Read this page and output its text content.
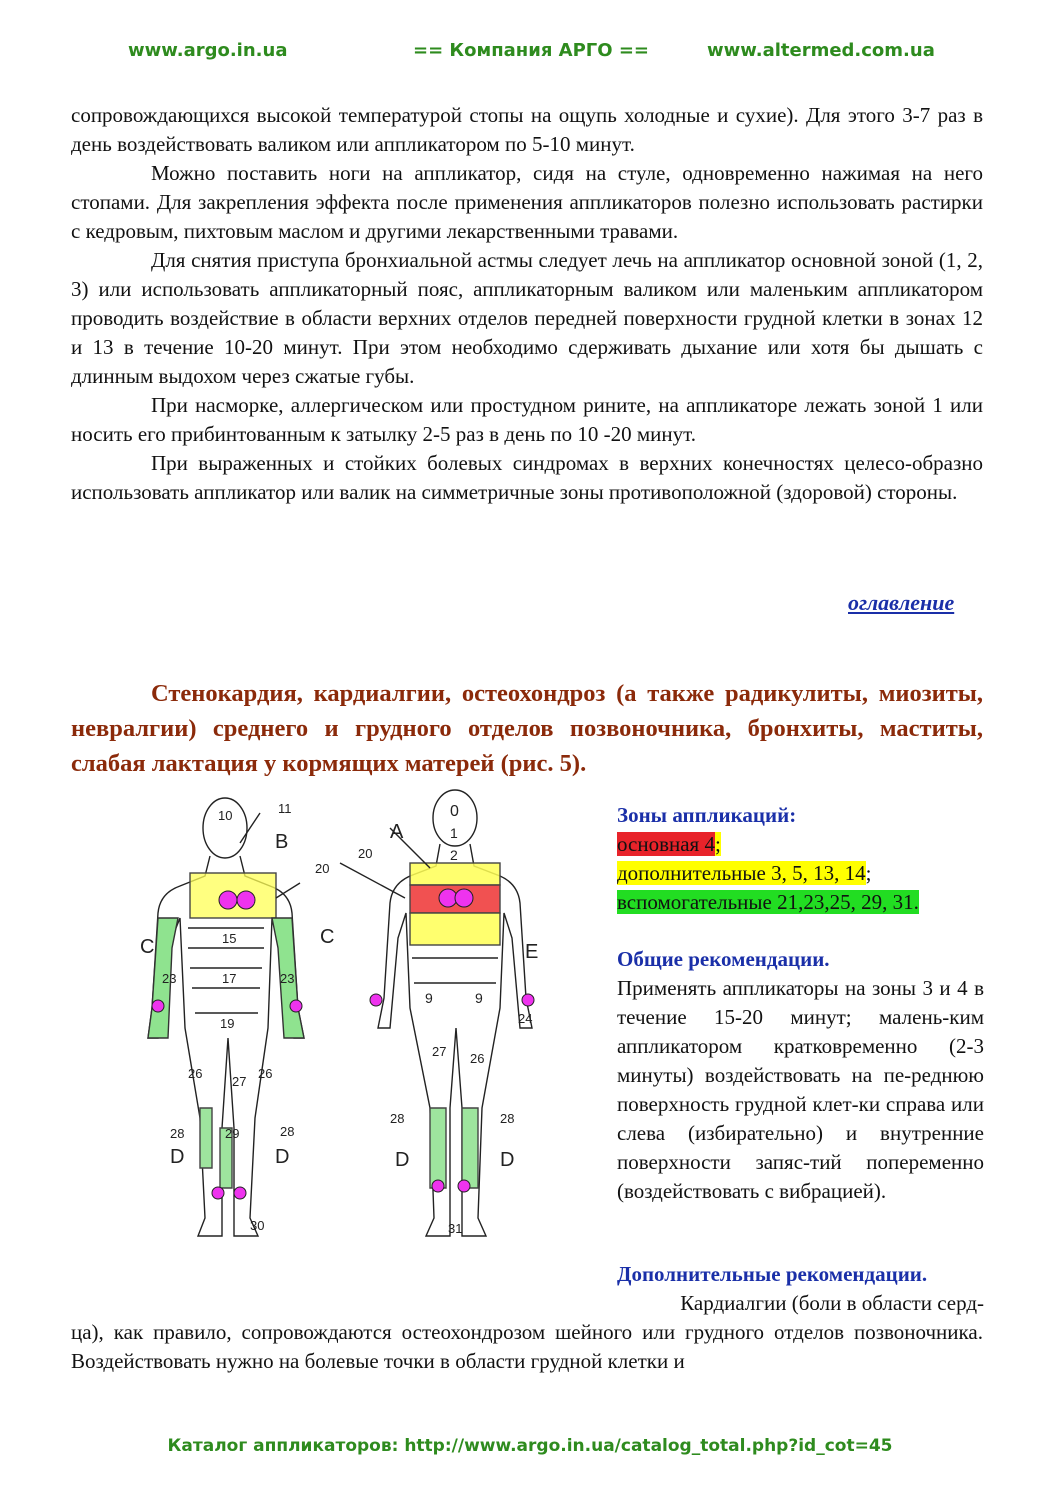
www.argo.in.ua	== Компания АРГО ==	www.altermed.com.ua

сопровождающихся высокой температурой стопы на ощупь холодные и сухие). Для этого 3-7 раз в день воздействовать валиком или аппликатором по 5-10 минут.

Можно поставить ноги на аппликатор, сидя на стуле, одновременно нажимая на него стопами. Для закрепления эффекта после применения аппликаторов полезно использовать растирки с кедровым, пихтовым маслом и другими лекарственными травами.

Для снятия приступа бронхиальной астмы следует лечь на аппликатор основной зоной (1, 2, 3) или использовать аппликаторный пояс, аппликаторным валиком или маленьким аппликатором проводить воздействие в области верхних отделов передней поверхности грудной клетки в зонах 12 и 13 в течение 10-20 минут. При этом необходимо сдерживать дыхание или хотя бы дышать с длинным выдохом через сжатые губы.

При насморке, аллергическом или простудном рините, на аппликаторе лежать зоной 1 или носить его прибинтованным к затылку 2-5 раз в день по 10 -20 минут.

При выраженных и стойких болевых синдромах в верхних конечностях целесо-образно использовать аппликатор или валик на симметричные зоны противоположной (здоровой) стороны.

оглавление

Стенокардия, кардиалгии, остеохондроз (а также радикулиты, миозиты, невралгии) среднего и грудного отделов позвоночника, бронхиты, маститы, слабая лактация у кормящих матерей (рис. 5).

B
C	C
D	D
A
E
D	D
10	11
20
15
17
23	23
19
26
27
26
28	29	28
30
0
1
2
20
9	9
24
27 26
28	28
31
Зоны аппликаций:
основная 4;
дополнительные 3, 5, 13, 14;
вспомогательные 21,23,25, 29, 31.
Общие рекомендации.

Применять аппликаторы на зоны 3 и 4 в течение 15-20 минут; малень-ким аппликатором кратковременно (2-3 минуты) воздействовать на пе-реднюю поверхность грудной клет-ки справа или слева (избирательно) и внутренние поверхности запяс-тий попеременно (воздействовать с вибрацией).

Дополнительные рекомендации.

Кардиалгии (боли в области серд-

ца), как правило, сопровождаются остеохондрозом шейного или грудного отделов позвоночника. Воздействовать нужно на болевые точки в области грудной клетки и

Каталог аппликаторов: http://www.argo.in.ua/catalog_total.php?id_cot=45
